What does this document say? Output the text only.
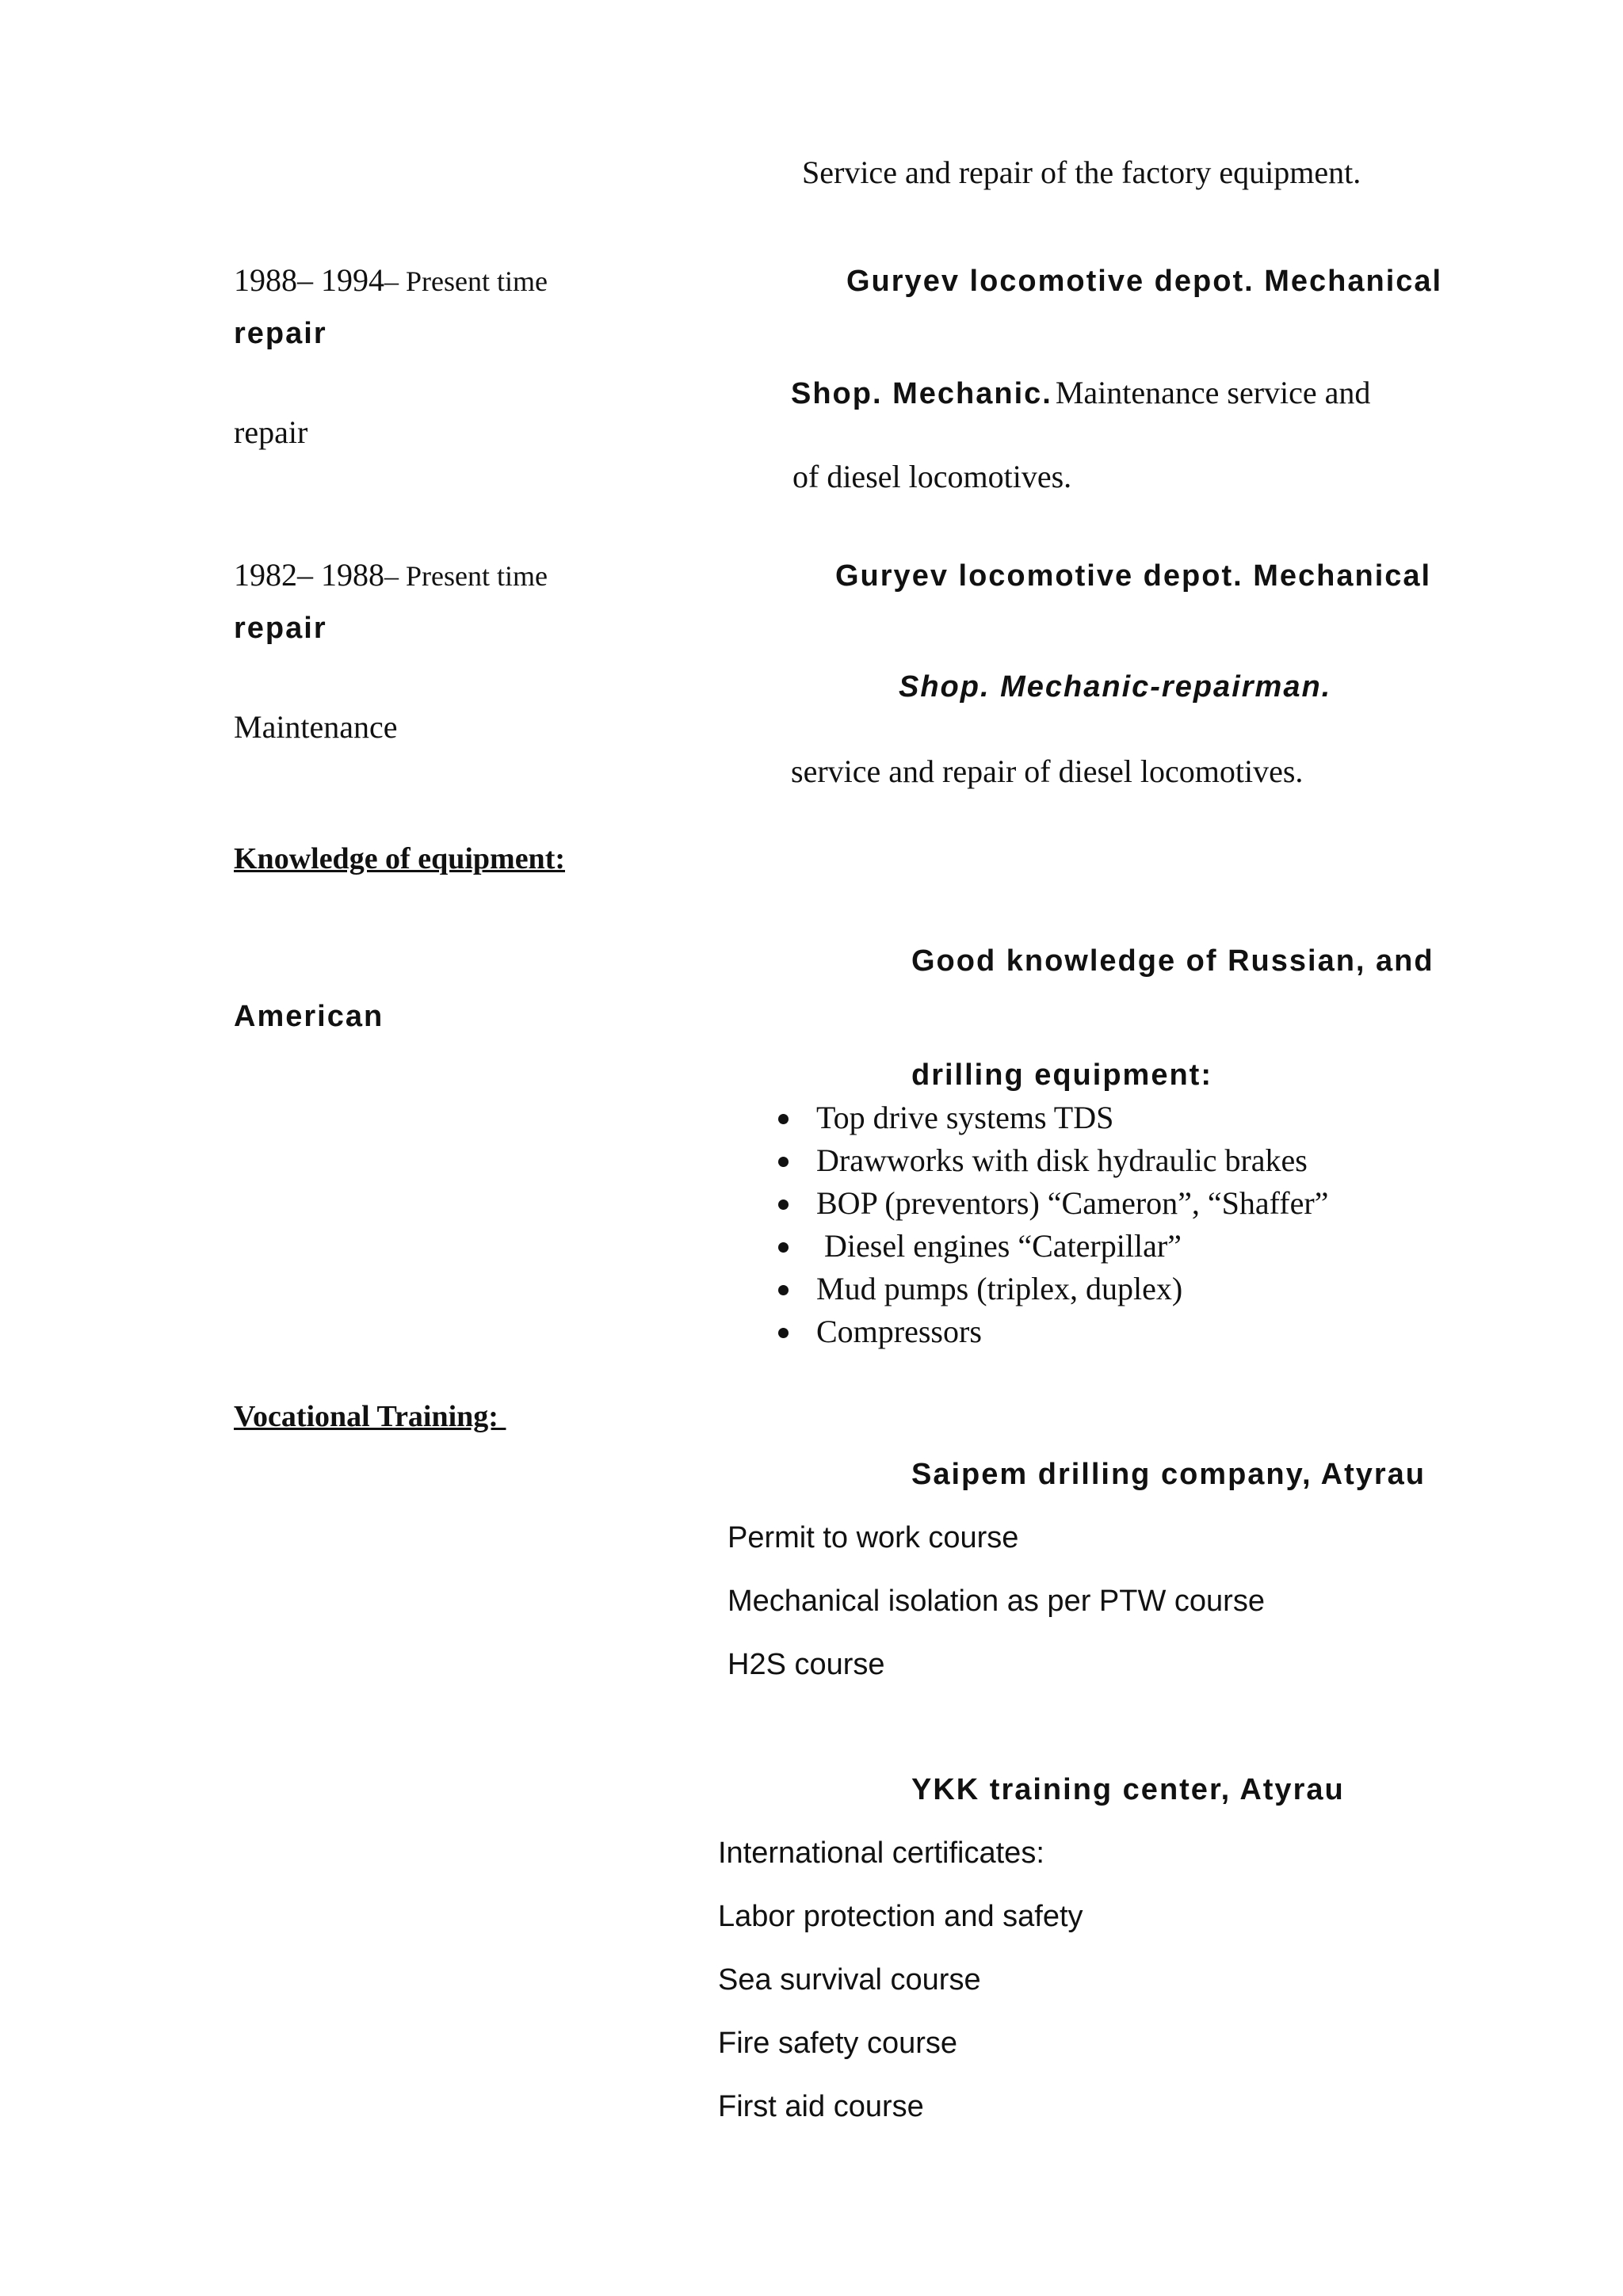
Service and repair of the factory equipment.

1988– 1994– Present time	Guryev locomotive depot. Mechanical

repair

Shop. Mechanic. Maintenance service and

repair

of diesel locomotives.

1982– 1988– Present time	Guryev locomotive depot. Mechanical

repair

Shop. Mechanic-repairman.

Maintenance

service and repair of diesel locomotives.

Knowledge of equipment:

Good knowledge of Russian, and

American

drilling equipment:

Top drive systems TDS
Drawworks with disk hydraulic brakes
BOP (preventors) “Cameron”, “Shaffer”
Diesel engines “Caterpillar”
Mud pumps (triplex, duplex)
Compressors

Vocational Training:

Saipem drilling company, Atyrau

Permit to work course

Mechanical isolation as per PTW course

H2S course

YKK training center, Atyrau

International certificates:

Labor protection and safety

Sea survival course

Fire safety course

First aid course
